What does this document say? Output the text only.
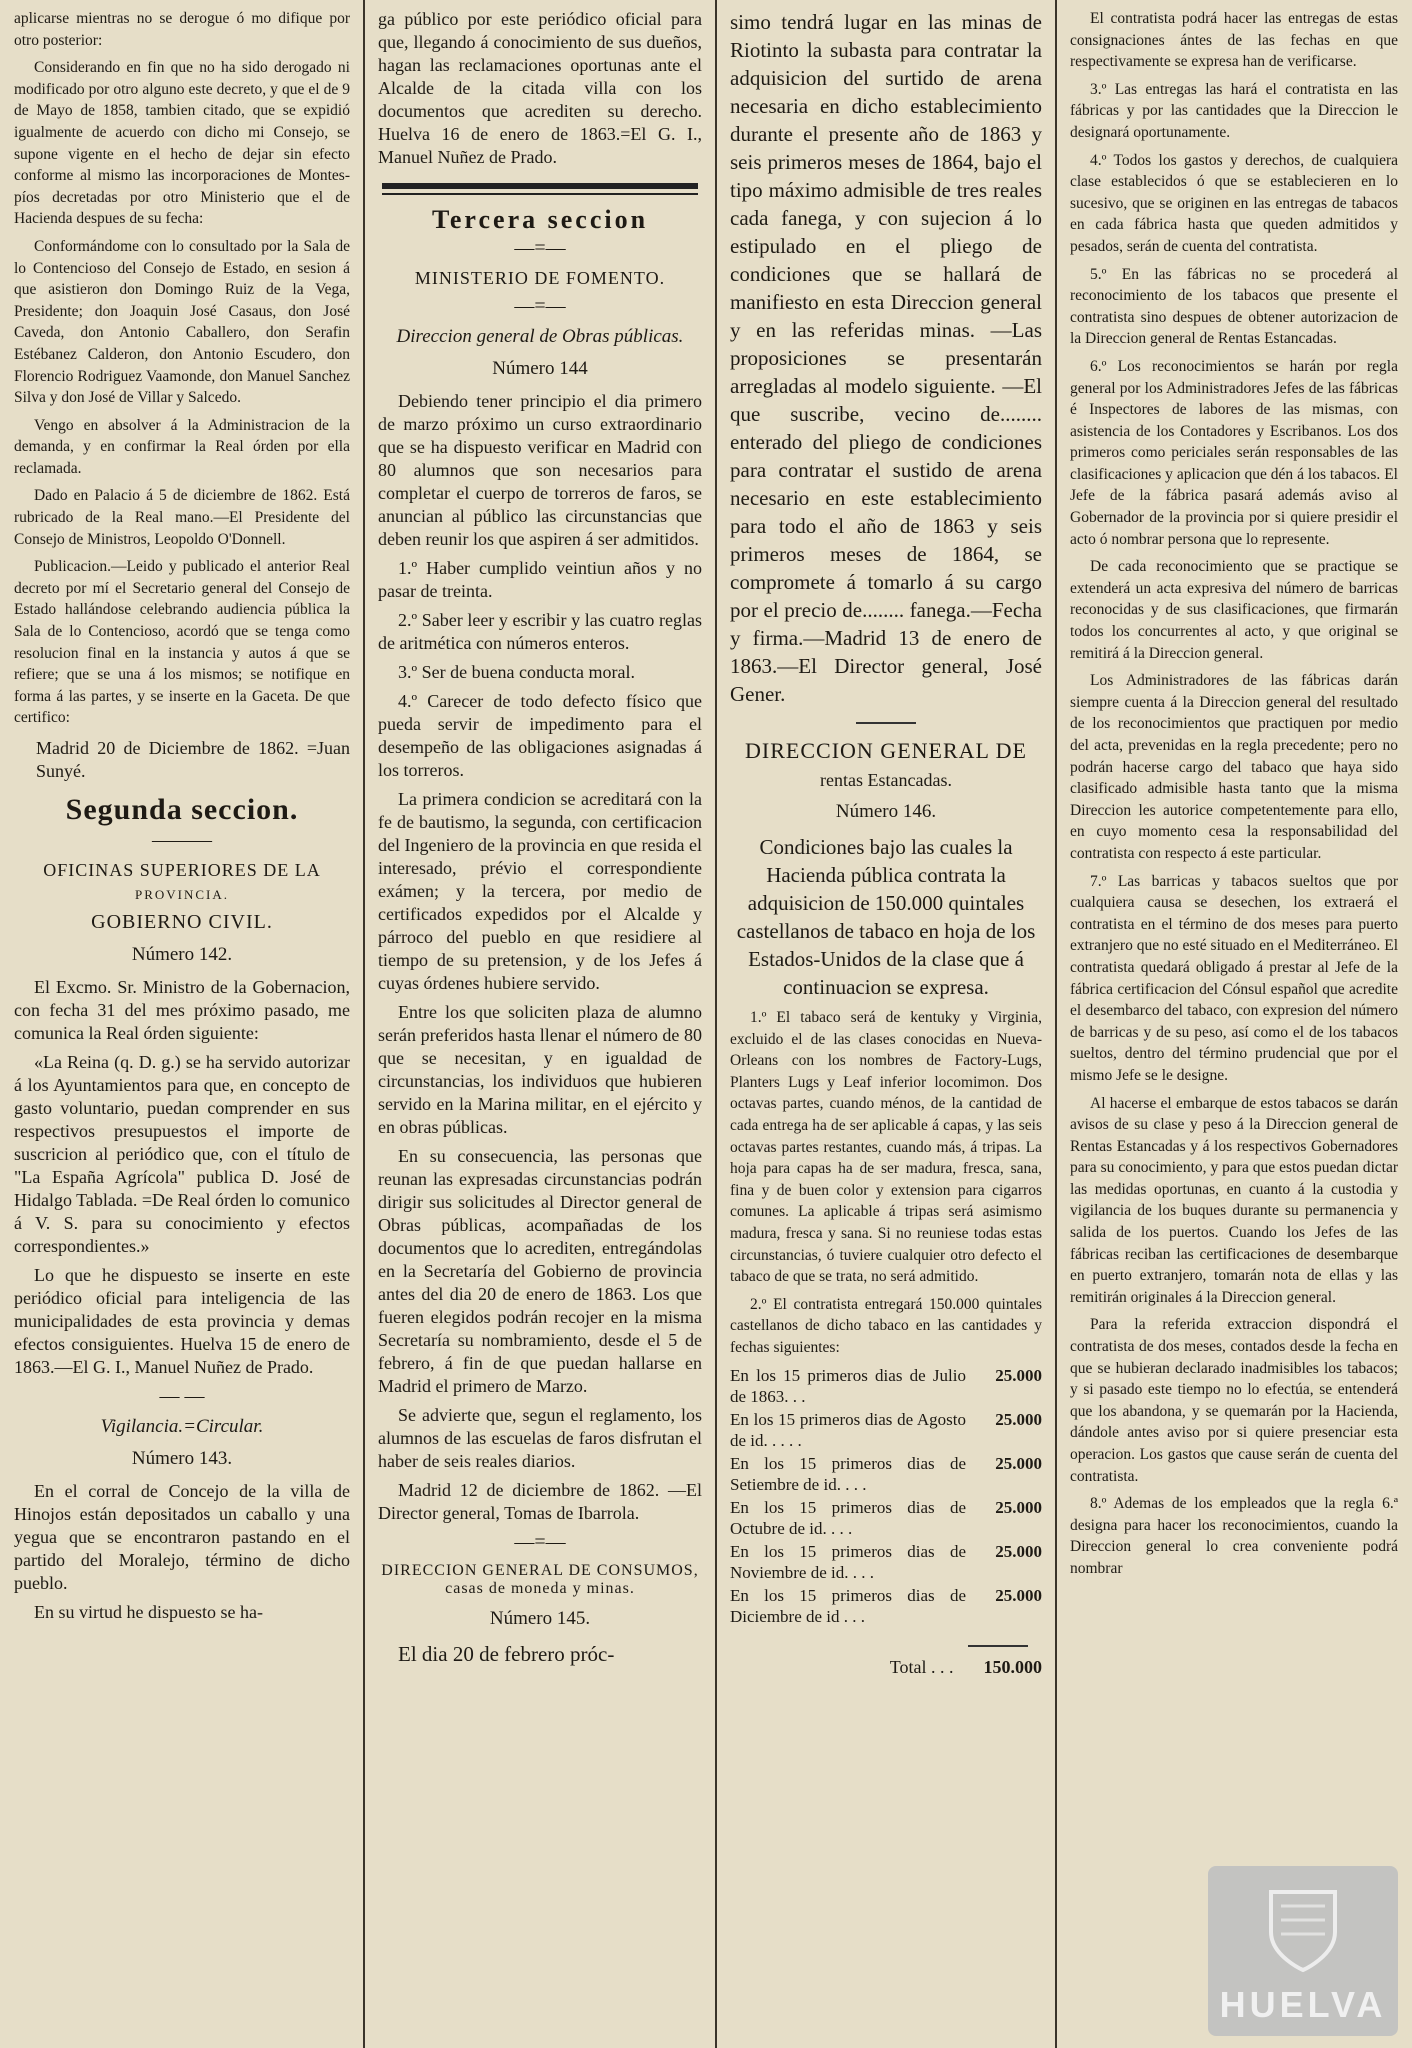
aplicarse mientras no se derogue ó mo difique por otro posterior:

Considerando en fin que no ha sido derogado ni modificado por otro alguno este decreto, y que el de 9 de Mayo de 1858, tambien citado, que se expidió igualmente de acuerdo con dicho mi Consejo, se supone vigente en el hecho de dejar sin efecto conforme al mismo las incorporaciones de Montes-píos decretadas por otro Ministerio que el de Hacienda despues de su fecha:

Conformándome con lo consultado por la Sala de lo Contencioso del Consejo de Estado, en sesion á que asistieron don Domingo Ruiz de la Vega, Presidente; don Joaquin José Casaus, don José Caveda, don Antonio Caballero, don Serafin Estébanez Calderon, don Antonio Escudero, don Florencio Rodriguez Vaamonde, don Manuel Sanchez Silva y don José de Villar y Salcedo.

Vengo en absolver á la Administracion de la demanda, y en confirmar la Real órden por ella reclamada.

Dado en Palacio á 5 de diciembre de 1862. Está rubricado de la Real mano.—El Presidente del Consejo de Ministros, Leopoldo O'Donnell.

Publicacion.—Leido y publicado el anterior Real decreto por mí el Secretario general del Consejo de Estado hallándose celebrando audiencia pública la Sala de lo Contencioso, acordó que se tenga como resolucion final en la instancia y autos á que se refiere; que se una á los mismos; se notifique en forma á las partes, y se inserte en la Gaceta. De que certifico:

Madrid 20 de Diciembre de 1862. =Juan Sunyé.

Segunda seccion.
———
OFICINAS SUPERIORES DE LA
PROVINCIA.
GOBIERNO CIVIL.
Número 142.

El Excmo. Sr. Ministro de la Gobernacion, con fecha 31 del mes próximo pasado, me comunica la Real órden siguiente:

«La Reina (q. D. g.) se ha servido autorizar á los Ayuntamientos para que, en concepto de gasto voluntario, puedan comprender en sus respectivos presupuestos el importe de suscricion al periódico que, con el título de "La España Agrícola" publica D. José de Hidalgo Tablada. =De Real órden lo comunico á V. S. para su conocimiento y efectos correspondientes.»

Lo que he dispuesto se inserte en este periódico oficial para inteligencia de las municipalidades de esta provincia y demas efectos consiguientes. Huelva 15 de enero de 1863.—El G. I., Manuel Nuñez de Prado.

— —
Vigilancia.=Circular.
Número 143.

En el corral de Concejo de la villa de Hinojos están depositados un caballo y una yegua que se encontraron pastando en el partido del Moralejo, término de dicho pueblo.

En su virtud he dispuesto se ha-

ga público por este periódico oficial para que, llegando á conocimiento de sus dueños, hagan las reclamaciones oportunas ante el Alcalde de la citada villa con los documentos que acrediten su derecho. Huelva 16 de enero de 1863.=El G. I., Manuel Nuñez de Prado.

Tercera seccion
—=—
MINISTERIO DE FOMENTO.
—=—
Direccion general de Obras públicas.
Número 144

Debiendo tener principio el dia primero de marzo próximo un curso extraordinario que se ha dispuesto verificar en Madrid con 80 alumnos que son necesarios para completar el cuerpo de torreros de faros, se anuncian al público las circunstancias que deben reunir los que aspiren á ser admitidos.

1.º Haber cumplido veintiun años y no pasar de treinta.

2.º Saber leer y escribir y las cuatro reglas de aritmética con números enteros.

3.º Ser de buena conducta moral.

4.º Carecer de todo defecto físico que pueda servir de impedimento para el desempeño de las obligaciones asignadas á los torreros.

La primera condicion se acreditará con la fe de bautismo, la segunda, con certificacion del Ingeniero de la provincia en que resida el interesado, prévio el correspondiente exámen; y la tercera, por medio de certificados expedidos por el Alcalde y párroco del pueblo en que residiere al tiempo de su pretension, y de los Jefes á cuyas órdenes hubiere servido.

Entre los que soliciten plaza de alumno serán preferidos hasta llenar el número de 80 que se necesitan, y en igualdad de circunstancias, los individuos que hubieren servido en la Marina militar, en el ejército y en obras públicas.

En su consecuencia, las personas que reunan las expresadas circunstancias podrán dirigir sus solicitudes al Director general de Obras públicas, acompañadas de los documentos que lo acrediten, entregándolas en la Secretaría del Gobierno de provincia antes del dia 20 de enero de 1863. Los que fueren elegidos podrán recojer en la misma Secretaría su nombramiento, desde el 5 de febrero, á fin de que puedan hallarse en Madrid el primero de Marzo.

Se advierte que, segun el reglamento, los alumnos de las escuelas de faros disfrutan el haber de seis reales diarios.

Madrid 12 de diciembre de 1862. —El Director general, Tomas de Ibarrola.

—=—
DIRECCION GENERAL DE CONSUMOS, casas de moneda y minas.
Número 145.

El dia 20 de febrero próc-

simo tendrá lugar en las minas de Riotinto la subasta para contratar la adquisicion del surtido de arena necesaria en dicho establecimiento durante el presente año de 1863 y seis primeros meses de 1864, bajo el tipo máximo admisible de tres reales cada fanega, y con sujecion á lo estipulado en el pliego de condiciones que se hallará de manifiesto en esta Direccion general y en las referidas minas. —Las proposiciones se presentarán arregladas al modelo siguiente. —El que suscribe, vecino de........ enterado del pliego de condiciones para contratar el sustido de arena necesario en este establecimiento para todo el año de 1863 y seis primeros meses de 1864, se compromete á tomarlo á su cargo por el precio de........ fanega.—Fecha y firma.—Madrid 13 de enero de 1863.—El Director general, José Gener.

DIRECCION GENERAL DE
rentas Estancadas.
Número 146.

Condiciones bajo las cuales la Hacienda pública contrata la adquisicion de 150.000 quintales castellanos de tabaco en hoja de los Estados-Unidos de la clase que á continuacion se expresa.

1.º El tabaco será de kentuky y Virginia, excluido el de las clases conocidas en Nueva-Orleans con los nombres de Factory-Lugs, Planters Lugs y Leaf inferior locomimon. Dos octavas partes, cuando ménos, de la cantidad de cada entrega ha de ser aplicable á capas, y las seis octavas partes restantes, cuando más, á tripas. La hoja para capas ha de ser madura, fresca, sana, fina y de buen color y extension para cigarros comunes. La aplicable á tripas será asimismo madura, fresca y sana. Si no reuniese todas estas circunstancias, ó tuviere cualquier otro defecto el tabaco de que se trata, no será admitido.

2.º El contratista entregará 150.000 quintales castellanos de dicho tabaco en las cantidades y fechas siguientes:

En los 15 primeros dias de Julio de 1863. . .
25.000
En los 15 primeros dias de Agosto de id. . . . .
25.000
En los 15 primeros dias de Setiembre de id. . . .
25.000
En los 15 primeros dias de Octubre de id. . . .
25.000
En los 15 primeros dias de Noviembre de id. . . .
25.000
En los 15 primeros dias de Diciembre de id . . .
25.000
Total . . . 150.000

El contratista podrá hacer las entregas de estas consignaciones ántes de las fechas en que respectivamente se expresa han de verificarse.

3.º Las entregas las hará el contratista en las fábricas y por las cantidades que la Direccion le designará oportunamente.

4.º Todos los gastos y derechos, de cualquiera clase establecidos ó que se establecieren en lo sucesivo, que se originen en las entregas de tabacos en cada fábrica hasta que queden admitidos y pesados, serán de cuenta del contratista.

5.º En las fábricas no se procederá al reconocimiento de los tabacos que presente el contratista sino despues de obtener autorizacion de la Direccion general de Rentas Estancadas.

6.º Los reconocimientos se harán por regla general por los Administradores Jefes de las fábricas é Inspectores de labores de las mismas, con asistencia de los Contadores y Escribanos. Los dos primeros como periciales serán responsables de las clasificaciones y aplicacion que dén á los tabacos. El Jefe de la fábrica pasará además aviso al Gobernador de la provincia por si quiere presidir el acto ó nombrar persona que lo represente.

De cada reconocimiento que se practique se extenderá un acta expresiva del número de barricas reconocidas y de sus clasificaciones, que firmarán todos los concurrentes al acto, y que original se remitirá á la Direccion general.

Los Administradores de las fábricas darán siempre cuenta á la Direccion general del resultado de los reconocimientos que practiquen por medio del acta, prevenidas en la regla precedente; pero no podrán hacerse cargo del tabaco que haya sido clasificado admisible hasta tanto que la misma Direccion les autorice competentemente para ello, en cuyo momento cesa la responsabilidad del contratista con respecto á este particular.

7.º Las barricas y tabacos sueltos que por cualquiera causa se desechen, los extraerá el contratista en el término de dos meses para puerto extranjero que no esté situado en el Mediterráneo. El contratista quedará obligado á prestar al Jefe de la fábrica certificacion del Cónsul español que acredite el desembarco del tabaco, con expresion del número de barricas y de su peso, así como el de los tabacos sueltos, dentro del término prudencial que por el mismo Jefe se le designe.

Al hacerse el embarque de estos tabacos se darán avisos de su clase y peso á la Direccion general de Rentas Estancadas y á los respectivos Gobernadores para su conocimiento, y para que estos puedan dictar las medidas oportunas, en cuanto á la custodia y vigilancia de los buques durante su permanencia y salida de los puertos. Cuando los Jefes de las fábricas reciban las certificaciones de desembarque en puerto extranjero, tomarán nota de ellas y las remitirán originales á la Direccion general.

Para la referida extraccion dispondrá el contratista de dos meses, contados desde la fecha en que se hubieran declarado inadmisibles los tabacos; y si pasado este tiempo no lo efectúa, se entenderá que los abandona, y se quemarán por la Hacienda, dándole antes aviso por si quiere presenciar esta operacion. Los gastos que cause serán de cuenta del contratista.

8.º Ademas de los empleados que la regla 6.ª designa para hacer los reconocimientos, cuando la Direccion general lo crea conveniente podrá nombrar

HUELVA
